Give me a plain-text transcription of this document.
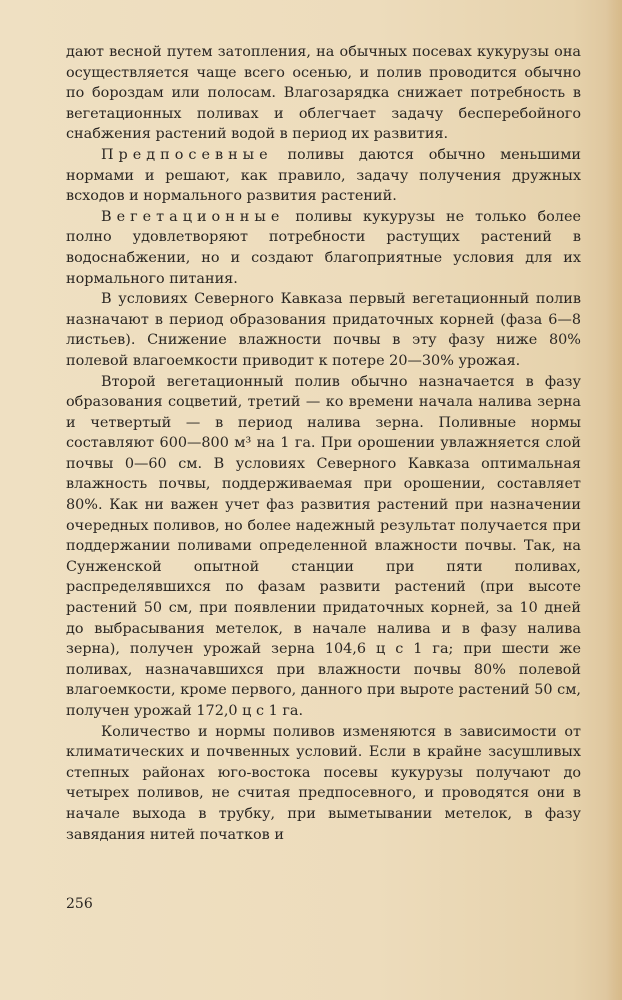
дают весной путем затопления, на обычных посевах кукурузы она осуществляется чаще всего осенью, и полив проводится обычно по бороздам или полосам. Влагозарядка снижает потребность в вегетационных поливах и облегчает задачу бесперебойного снабжения растений водой в период их развития.

Предпосевные поливы даются обычно меньшими нормами и решают, как правило, задачу получения дружных всходов и нормального развития растений.

Вегетационные поливы кукурузы не только более полно удовлетворяют потребности растущих растений в водоснабжении, но и создают благоприятные условия для их нормального питания.

В условиях Северного Кавказа первый вегетационный полив назначают в период образования придаточных корней (фаза 6—8 листьев). Снижение влажности почвы в эту фазу ниже 80% полевой влагоемкости приводит к потере 20—30% урожая.

Второй вегетационный полив обычно назначается в фазу образования соцветий, третий — ко времени начала налива зерна и четвертый — в период налива зерна. Поливные нормы составляют 600—800 м³ на 1 га. При орошении увлажняется слой почвы 0—60 см. В условиях Северного Кавказа оптимальная влажность почвы, поддерживаемая при орошении, составляет 80%. Как ни важен учет фаз развития растений при назначении очередных поливов, но более надежный результат получается при поддержании поливами определенной влажности почвы. Так, на Сунженской опытной станции при пяти поливах, распределявшихся по фазам развити растений (при высоте растений 50 см, при появлении придаточных корней, за 10 дней до выбрасывания метелок, в начале налива и в фазу налива зерна), получен урожай зерна 104,6 ц с 1 га; при шести же поливах, назначавшихся при влажности почвы 80% полевой влагоемкости, кроме первого, данного при выроте растений 50 см, получен урожай 172,0 ц с 1 га.

Количество и нормы поливов изменяются в зависимости от климатических и почвенных условий. Если в крайне засушливых степных районах юго-востока посевы кукурузы получают до четырех поливов, не считая предпосевного, и проводятся они в начале выхода в трубку, при выметывании метелок, в фазу завядания нитей початков и

256
